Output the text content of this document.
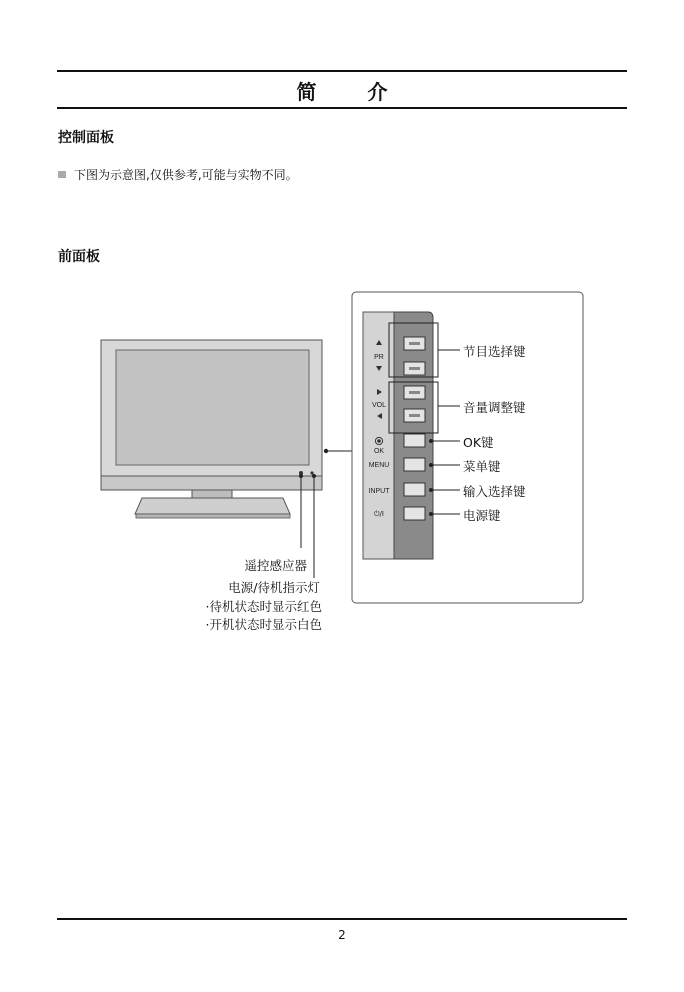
简 介
控制面板
下图为示意图,仅供参考,可能与实物不同。
前面板
PR
VOL
OK
MENU
INPUT
⏻/I
节目选择键
音量调整键
OK键
菜单键
输入选择键
电源键
遥控感应器
电源/待机指示灯
·待机状态时显示红色
·开机状态时显示白色
2
